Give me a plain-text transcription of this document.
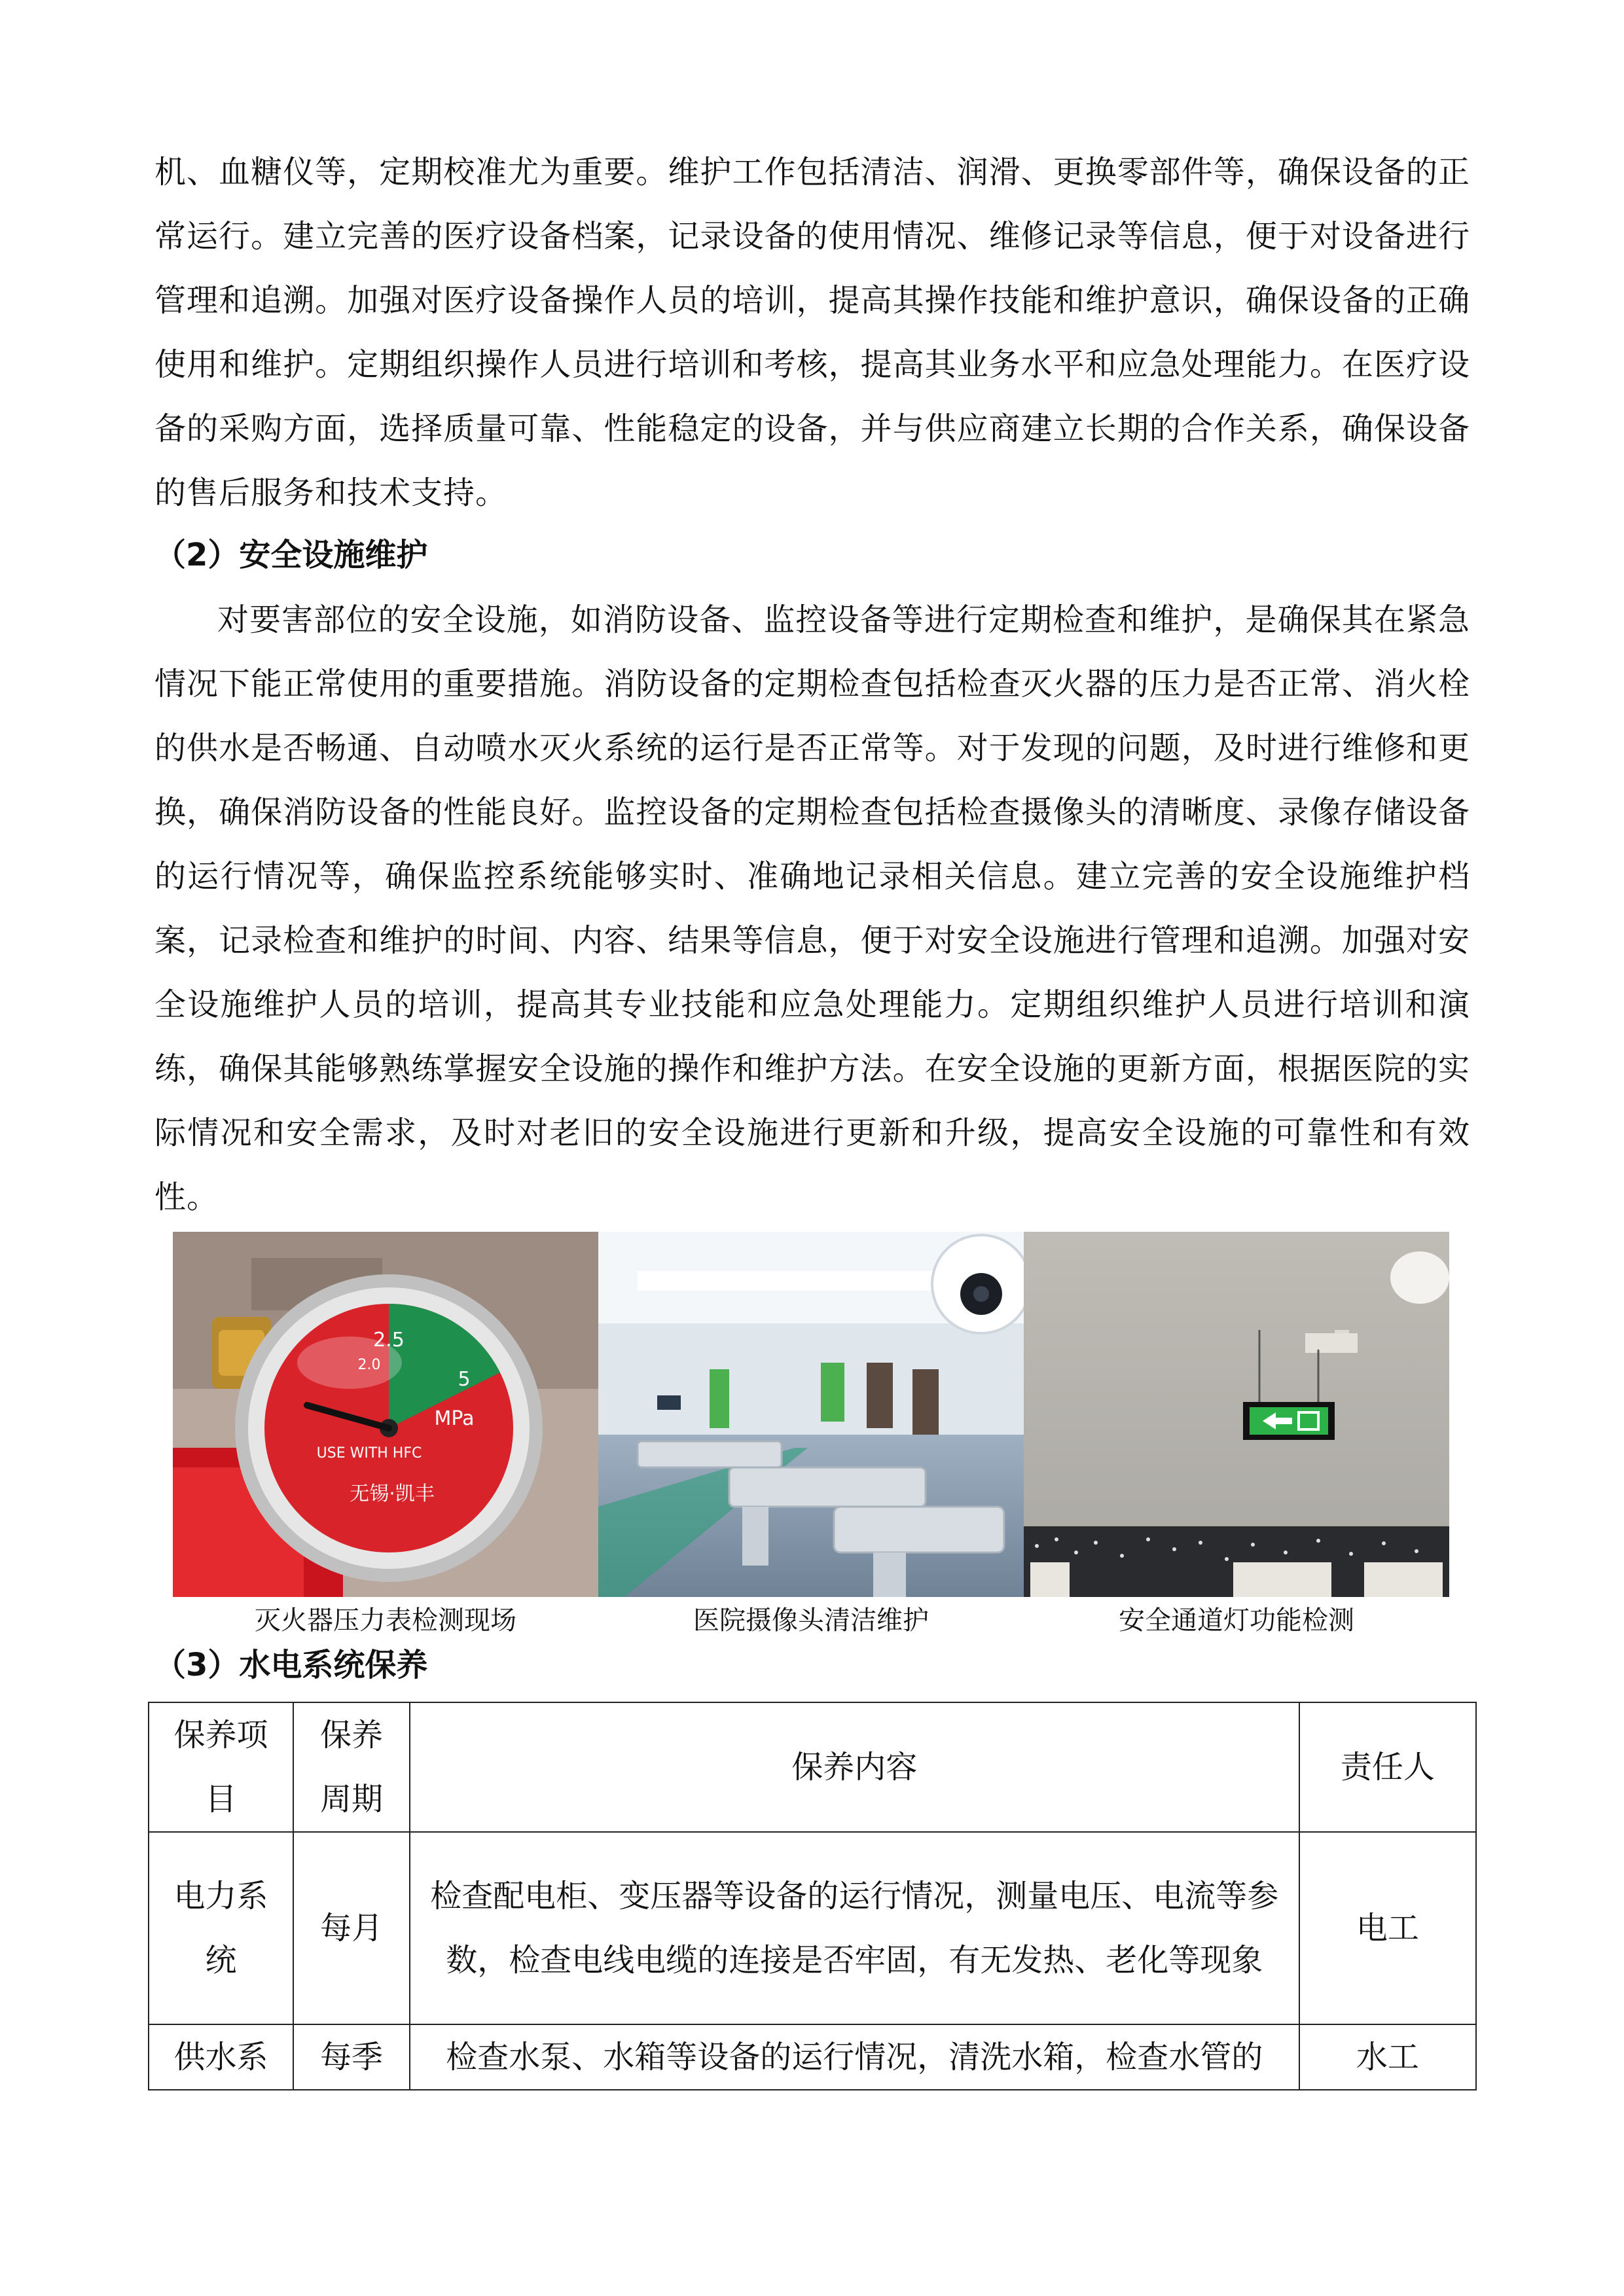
机、血糖仪等，定期校准尤为重要。维护工作包括清洁、润滑、更换零部件等，确保设备的正常运行。建立完善的医疗设备档案，记录设备的使用情况、维修记录等信息，便于对设备进行管理和追溯。加强对医疗设备操作人员的培训，提高其操作技能和维护意识，确保设备的正确使用和维护。定期组织操作人员进行培训和考核，提高其业务水平和应急处理能力。在医疗设备的采购方面，选择质量可靠、性能稳定的设备，并与供应商建立长期的合作关系，确保设备的售后服务和技术支持。

（2）安全设施维护

对要害部位的安全设施，如消防设备、监控设备等进行定期检查和维护，是确保其在紧急情况下能正常使用的重要措施。消防设备的定期检查包括检查灭火器的压力是否正常、消火栓的供水是否畅通、自动喷水灭火系统的运行是否正常等。对于发现的问题，及时进行维修和更换，确保消防设备的性能良好。监控设备的定期检查包括检查摄像头的清晰度、录像存储设备的运行情况等，确保监控系统能够实时、准确地记录相关信息。建立完善的安全设施维护档案，记录检查和维护的时间、内容、结果等信息，便于对安全设施进行管理和追溯。加强对安全设施维护人员的培训，提高其专业技能和应急处理能力。定期组织维护人员进行培训和演练，确保其能够熟练掌握安全设施的操作和维护方法。在安全设施的更新方面，根据医院的实际情况和安全需求，及时对老旧的安全设施进行更新和升级，提高安全设施的可靠性和有效性。

2.5
2.0
5
MPa
USE WITH HFC
无锡·凯丰
灭火器压力表检测现场	医院摄像头清洁维护	安全通道灯功能检测
（3）水电系统保养
保养项目	保养周期	保养内容	责任人
电力系统	每月	检查配电柜、变压器等设备的运行情况，测量电压、电流等参数，检查电线电缆的连接是否牢固，有无发热、老化等现象	电工
供水系	每季	检查水泵、水箱等设备的运行情况，清洗水箱，检查水管的	水工
